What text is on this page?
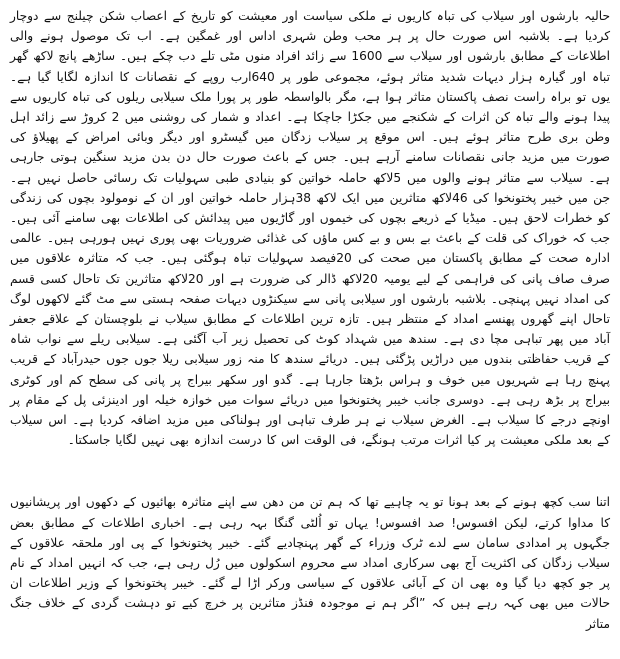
حالیہ بارشوں اور سیلاب کی تباہ کاریوں نے ملکی سیاست اور معیشت کو تاریخ کے اعصاب شکن چیلنج سے دوچار کردیا ہے۔ بلاشبہ اس صورت حال پر ہر محب وطن شہری اداس اور غمگین ہے۔ اب تک موصول ہونے والی اطلاعات کے مطابق بارشوں اور سیلاب سے 1600 سے زائد افراد منوں مٹی تلے دب چکے ہیں۔ ساڑھے پانچ لاکھ گھر تباہ اور گیارہ ہزار دیہات شدید متاثر ہوئے، مجموعی طور پر 640ارب روپے کے نقصانات کا اندازہ لگایا گیا ہے۔ یوں تو براہ راست نصف پاکستان متاثر ہوا ہے، مگر بالواسطہ طور پر پورا ملک سیلابی ریلوں کی تباہ کاریوں سے پیدا ہونے والے تباہ کن اثرات کے شکنجے میں جکڑا جاچکا ہے۔ اعداد و شمار کی روشنی میں 2 کروڑ سے زائد اہل وطن بری طرح متاثر ہوئے ہیں۔ اس موقع پر سیلاب زدگان میں گیسٹرو اور دیگر وبائی امراض کے پھیلاؤ کی صورت میں مزید جانی نقصانات سامنے آرہے ہیں۔ جس کے باعث صورت حال دن بدن مزید سنگین ہوتی جارہی ہے۔ سیلاب سے متاثر ہونے والوں میں 5لاکھ حاملہ خواتین کو بنیادی طبی سہولیات تک رسائی حاصل نہیں ہے۔ جن میں خیبر پختونخوا کی 46لاکھ متاثرین میں ایک لاکھ 38ہزار حاملہ خواتین اور ان کے نومولود بچوں کی زندگی کو خطرات لاحق ہیں۔ میڈیا کے ذریعے بچوں کی خیموں اور گاڑیوں میں پیدائش کی اطلاعات بھی سامنے آئی ہیں۔ جب کہ خوراک کی قلت کے باعث بے بس و بے کس ماؤں کی غذائی ضروریات بھی پوری نہیں ہورہی ہیں۔ عالمی ادارہ صحت کے مطابق پاکستان میں صحت کی 20فیصد سہولیات تباہ ہوگئی ہیں۔ جب کہ متاثرہ علاقوں میں صرف صاف پانی کی فراہمی کے لیے یومیہ 20لاکھ ڈالر کی ضرورت ہے اور 20لاکھ متاثرین تک تاحال کسی قسم کی امداد نہیں پہنچی۔ بلاشبہ بارشوں اور سیلابی پانی سے سیکنڑوں دیہات صفحہ ہستی سے مٹ گئے لاکھوں لوگ تاحال اپنے گھروں پھنسے امداد کے منتظر ہیں۔ تازہ ترین اطلاعات کے مطابق سیلاب نے بلوچستان کے علاقے جعفر آباد میں پھر تباہی مچا دی ہے۔ سندھ میں شہداد کوٹ کی تحصیل زیر آب آگئی ہے۔ سیلابی ریلے سے نواب شاہ کے قریب حفاظتی بندوں میں دراڑیں پڑگئی ہیں۔ دریائے سندھ کا منہ زور سیلابی ریلا جوں جوں حیدرآباد کے قریب پہنچ رہا ہے شہریوں میں خوف و ہراس بڑھتا جارہا ہے۔ گدو اور سکھر بیراج پر پانی کی سطح کم اور کوٹری بیراج پر بڑھ رہی ہے۔ دوسری جانب خیبر پختونخوا میں دریائے سوات میں خوازہ خیلہ اور ادینزئی پل کے مقام پر اونچے درجے کا سیلاب ہے۔ الغرض سیلاب نے ہر طرف تباہی اور ہولناکی میں مزید اضافہ کردیا ہے۔ اس سیلاب کے بعد ملکی معیشت پر کیا اثرات مرتب ہونگے، فی الوقت اس کا درست اندازہ بھی نہیں لگایا جاسکتا۔

اتنا سب کچھ ہونے کے بعد ہونا تو یہ چاہیے تھا کہ ہم تن من دھن سے اپنے متاثرہ بھائیوں کے دکھوں اور پریشانیوں کا مداوا کرتے، لیکن افسوس! صد افسوس! یہاں تو اُلٹی گنگا بہہ رہی ہے۔ اخباری اطلاعات کے مطابق بعض جگہوں پر امدادی سامان سے لدے ٹرک وزراء کے گھر پہنچادیے گئے۔ خیبر پختونخوا کے پی اور ملحقہ علاقوں کے سیلاب زدگان کی اکثریت آج بھی سرکاری امداد سے محروم اسکولوں میں رُل رہی ہے، جب کہ انہیں امداد کے نام پر جو کچھ دیا گیا وہ بھی ان کے آبائی علاقوں کے سیاسی ورکر اڑا لے گئے۔ خیبر پختونخوا کے وزیر اطلاعات ان حالات میں بھی کہہ رہے ہیں کہ ”اگر ہم نے موجودہ فنڈز متاثرین پر خرچ کیے تو دہشت گردی کے خلاف جنگ متاثر
